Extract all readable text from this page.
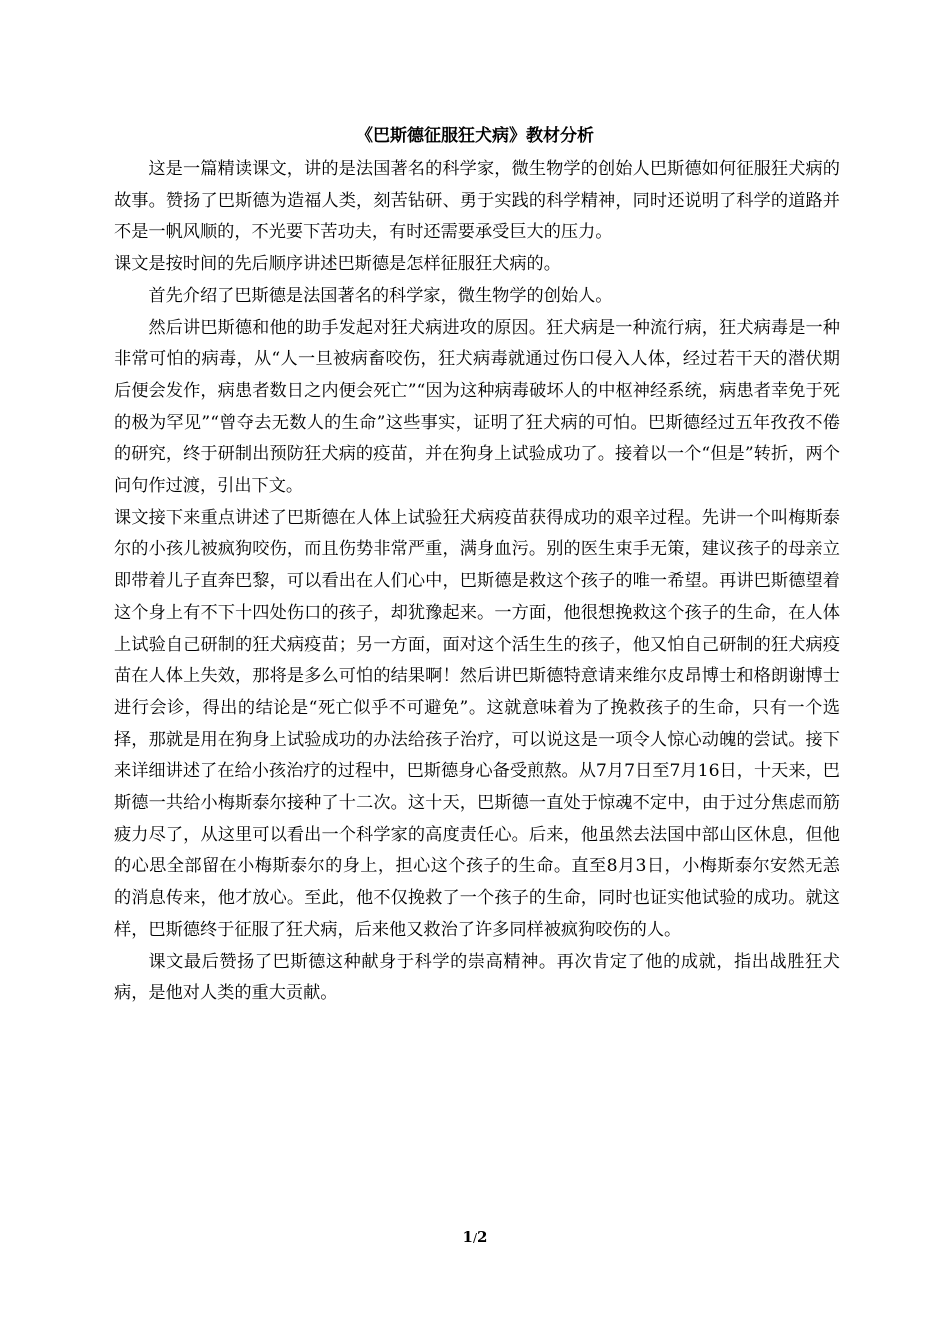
《巴斯德征服狂犬病》教材分析

这是一篇精读课文，讲的是法国著名的科学家，微生物学的创始人巴斯德如何征服狂犬病的故事。赞扬了巴斯德为造福人类，刻苦钻研、勇于实践的科学精神，同时还说明了科学的道路并不是一帆风顺的，不光要下苦功夫，有时还需要承受巨大的压力。

课文是按时间的先后顺序讲述巴斯德是怎样征服狂犬病的。

首先介绍了巴斯德是法国著名的科学家，微生物学的创始人。

然后讲巴斯德和他的助手发起对狂犬病进攻的原因。狂犬病是一种流行病，狂犬病毒是一种非常可怕的病毒，从“人一旦被病畜咬伤，狂犬病毒就通过伤口侵入人体，经过若干天的潜伏期后便会发作，病患者数日之内便会死亡”“因为这种病毒破坏人的中枢神经系统，病患者幸免于死的极为罕见”“曾夺去无数人的生命”这些事实，证明了狂犬病的可怕。巴斯德经过五年孜孜不倦的研究，终于研制出预防狂犬病的疫苗，并在狗身上试验成功了。接着以一个“但是”转折，两个问句作过渡，引出下文。

课文接下来重点讲述了巴斯德在人体上试验狂犬病疫苗获得成功的艰辛过程。先讲一个叫梅斯泰尔的小孩儿被疯狗咬伤，而且伤势非常严重，满身血污。别的医生束手无策，建议孩子的母亲立即带着儿子直奔巴黎，可以看出在人们心中，巴斯德是救这个孩子的唯一希望。再讲巴斯德望着这个身上有不下十四处伤口的孩子，却犹豫起来。一方面，他很想挽救这个孩子的生命，在人体上试验自己研制的狂犬病疫苗；另一方面，面对这个活生生的孩子，他又怕自己研制的狂犬病疫苗在人体上失效，那将是多么可怕的结果啊！然后讲巴斯德特意请来维尔皮昂博士和格朗谢博士进行会诊，得出的结论是“死亡似乎不可避免”。这就意味着为了挽救孩子的生命，只有一个选择，那就是用在狗身上试验成功的办法给孩子治疗，可以说这是一项令人惊心动魄的尝试。接下来详细讲述了在给小孩治疗的过程中，巴斯德身心备受煎熬。从7月7日至7月16日，十天来，巴斯德一共给小梅斯泰尔接种了十二次。这十天，巴斯德一直处于惊魂不定中，由于过分焦虑而筋疲力尽了，从这里可以看出一个科学家的高度责任心。后来，他虽然去法国中部山区休息，但他的心思全部留在小梅斯泰尔的身上，担心这个孩子的生命。直至8月3日，小梅斯泰尔安然无恙的消息传来，他才放心。至此，他不仅挽救了一个孩子的生命，同时也证实他试验的成功。就这样，巴斯德终于征服了狂犬病，后来他又救治了许多同样被疯狗咬伤的人。

课文最后赞扬了巴斯德这种献身于科学的崇高精神。再次肯定了他的成就，指出战胜狂犬病，是他对人类的重大贡献。

1/2
